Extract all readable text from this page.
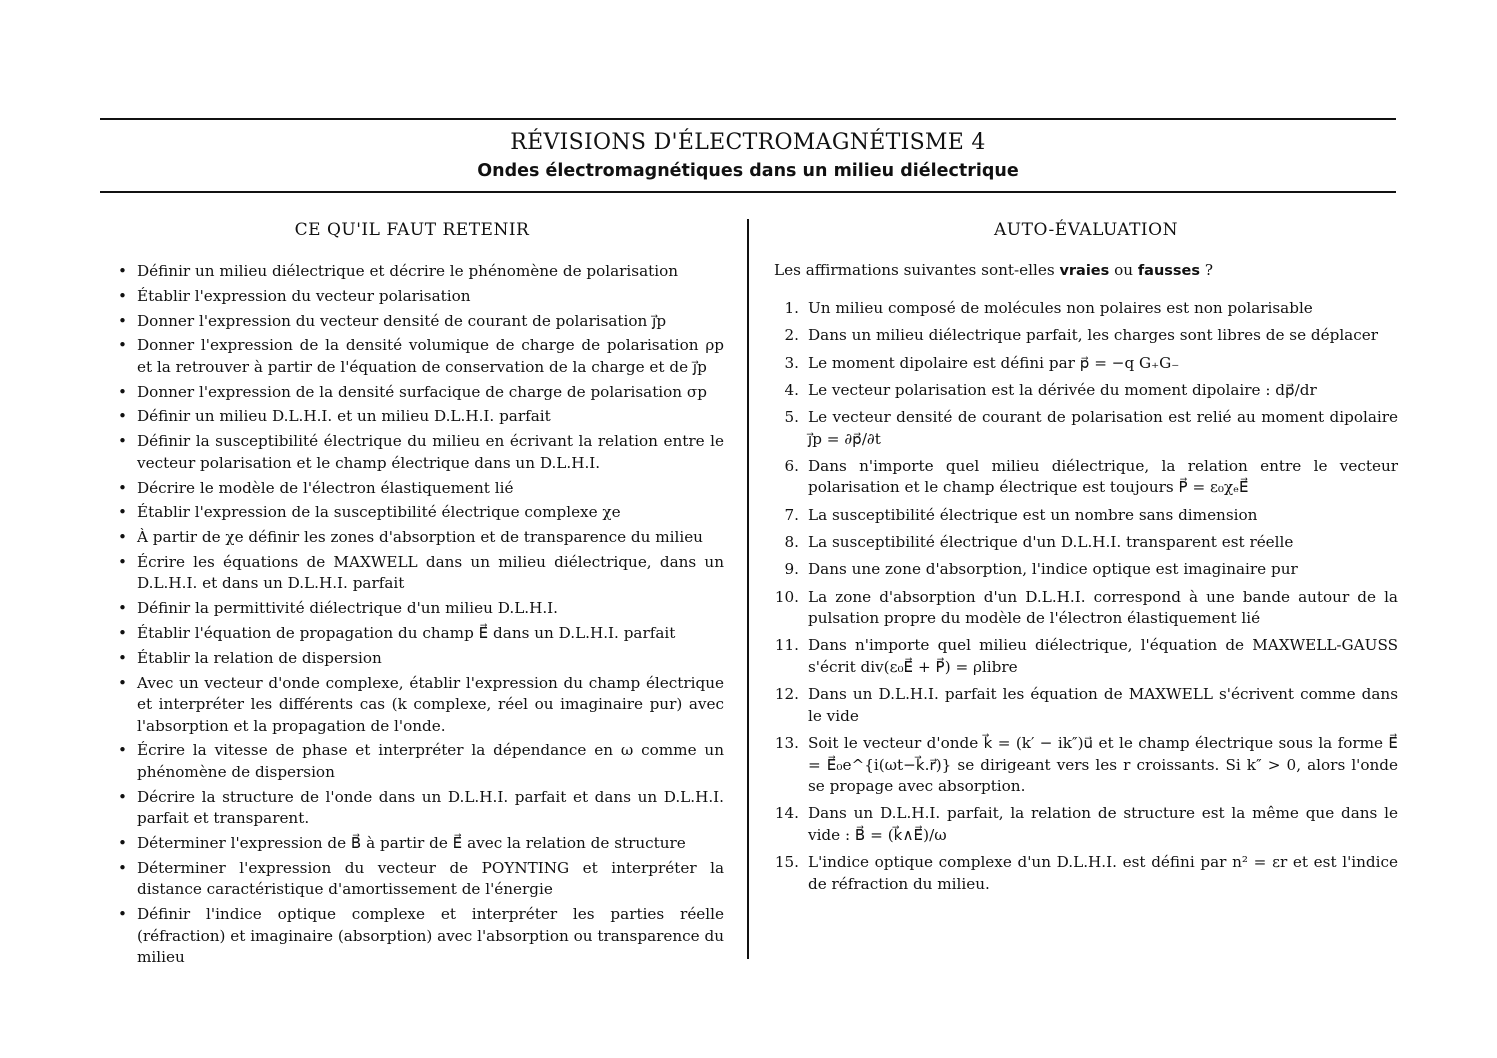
RÉVISIONS D'ÉLECTROMAGNÉTISME 4
Ondes électromagnétiques dans un milieu diélectrique
CE QU'IL FAUT RETENIR	AUTO-ÉVALUATION
• Définir un milieu diélectrique et décrire le phénomène de polarisation
• Établir l'expression du vecteur polarisation
• Donner l'expression du vecteur densité de courant de polarisation j⃗p
• Donner l'expression de la densité volumique de charge de polarisation ρp et la retrouver à partir de l'équation de conservation de la charge et de j⃗p
• Donner l'expression de la densité surfacique de charge de polarisation σp
• Définir un milieu D.L.H.I. et un milieu D.L.H.I. parfait
• Définir la susceptibilité électrique du milieu en écrivant la relation entre le vecteur polarisation et le champ électrique dans un D.L.H.I.
• Décrire le modèle de l'électron élastiquement lié
• Établir l'expression de la susceptibilité électrique complexe χe
• À partir de χe définir les zones d'absorption et de transparence du milieu
• Écrire les équations de MAXWELL dans un milieu diélectrique, dans un D.L.H.I. et dans un D.L.H.I. parfait
• Définir la permittivité diélectrique d'un milieu D.L.H.I.
• Établir l'équation de propagation du champ E⃗ dans un D.L.H.I. parfait
• Établir la relation de dispersion
• Avec un vecteur d'onde complexe, établir l'expression du champ électrique et interpréter les différents cas (k complexe, réel ou imaginaire pur) avec l'absorption et la propagation de l'onde.
• Écrire la vitesse de phase et interpréter la dépendance en ω comme un phénomène de dispersion
• Décrire la structure de l'onde dans un D.L.H.I. parfait et dans un D.L.H.I. parfait et transparent.
• Déterminer l'expression de B⃗ à partir de E⃗ avec la relation de structure
• Déterminer l'expression du vecteur de POYNTING et interpréter la distance caractéristique d'amortissement de l'énergie
• Définir l'indice optique complexe et interpréter les parties réelle (réfraction) et imaginaire (absorption) avec l'absorption ou transparence du milieu
Les affirmations suivantes sont-elles vraies ou fausses ?
1. Un milieu composé de molécules non polaires est non polarisable
2. Dans un milieu diélectrique parfait, les charges sont libres de se déplacer
3. Le moment dipolaire est défini par p⃗ = −q G₊G₋
4. Le vecteur polarisation est la dérivée du moment dipolaire : dp⃗/dr
5. Le vecteur densité de courant de polarisation est relié au moment dipolaire j⃗p = ∂p⃗/∂t
6. Dans n'importe quel milieu diélectrique, la relation entre le vecteur polarisation et le champ électrique est toujours P⃗ = ε₀χₑE⃗
7. La susceptibilité électrique est un nombre sans dimension
8. La susceptibilité électrique d'un D.L.H.I. transparent est réelle
9. Dans une zone d'absorption, l'indice optique est imaginaire pur
10. La zone d'absorption d'un D.L.H.I. correspond à une bande autour de la pulsation propre du modèle de l'électron élastiquement lié
11. Dans n'importe quel milieu diélectrique, l'équation de MAXWELL-GAUSS s'écrit div(ε₀E⃗ + P⃗) = ρlibre
12. Dans un D.L.H.I. parfait les équation de MAXWELL s'écrivent comme dans le vide
13. Soit le vecteur d'onde k⃗ = (k′ − ik″)u⃗ et le champ électrique sous la forme E⃗ = E⃗₀e^{i(ωt−k⃗.r⃗)} se dirigeant vers les r croissants. Si k″ > 0, alors l'onde se propage avec absorption.
14. Dans un D.L.H.I. parfait, la relation de structure est la même que dans le vide : B⃗ = (k⃗∧E⃗)/ω
15. L'indice optique complexe d'un D.L.H.I. est défini par n² = εr et est l'indice de réfraction du milieu.
